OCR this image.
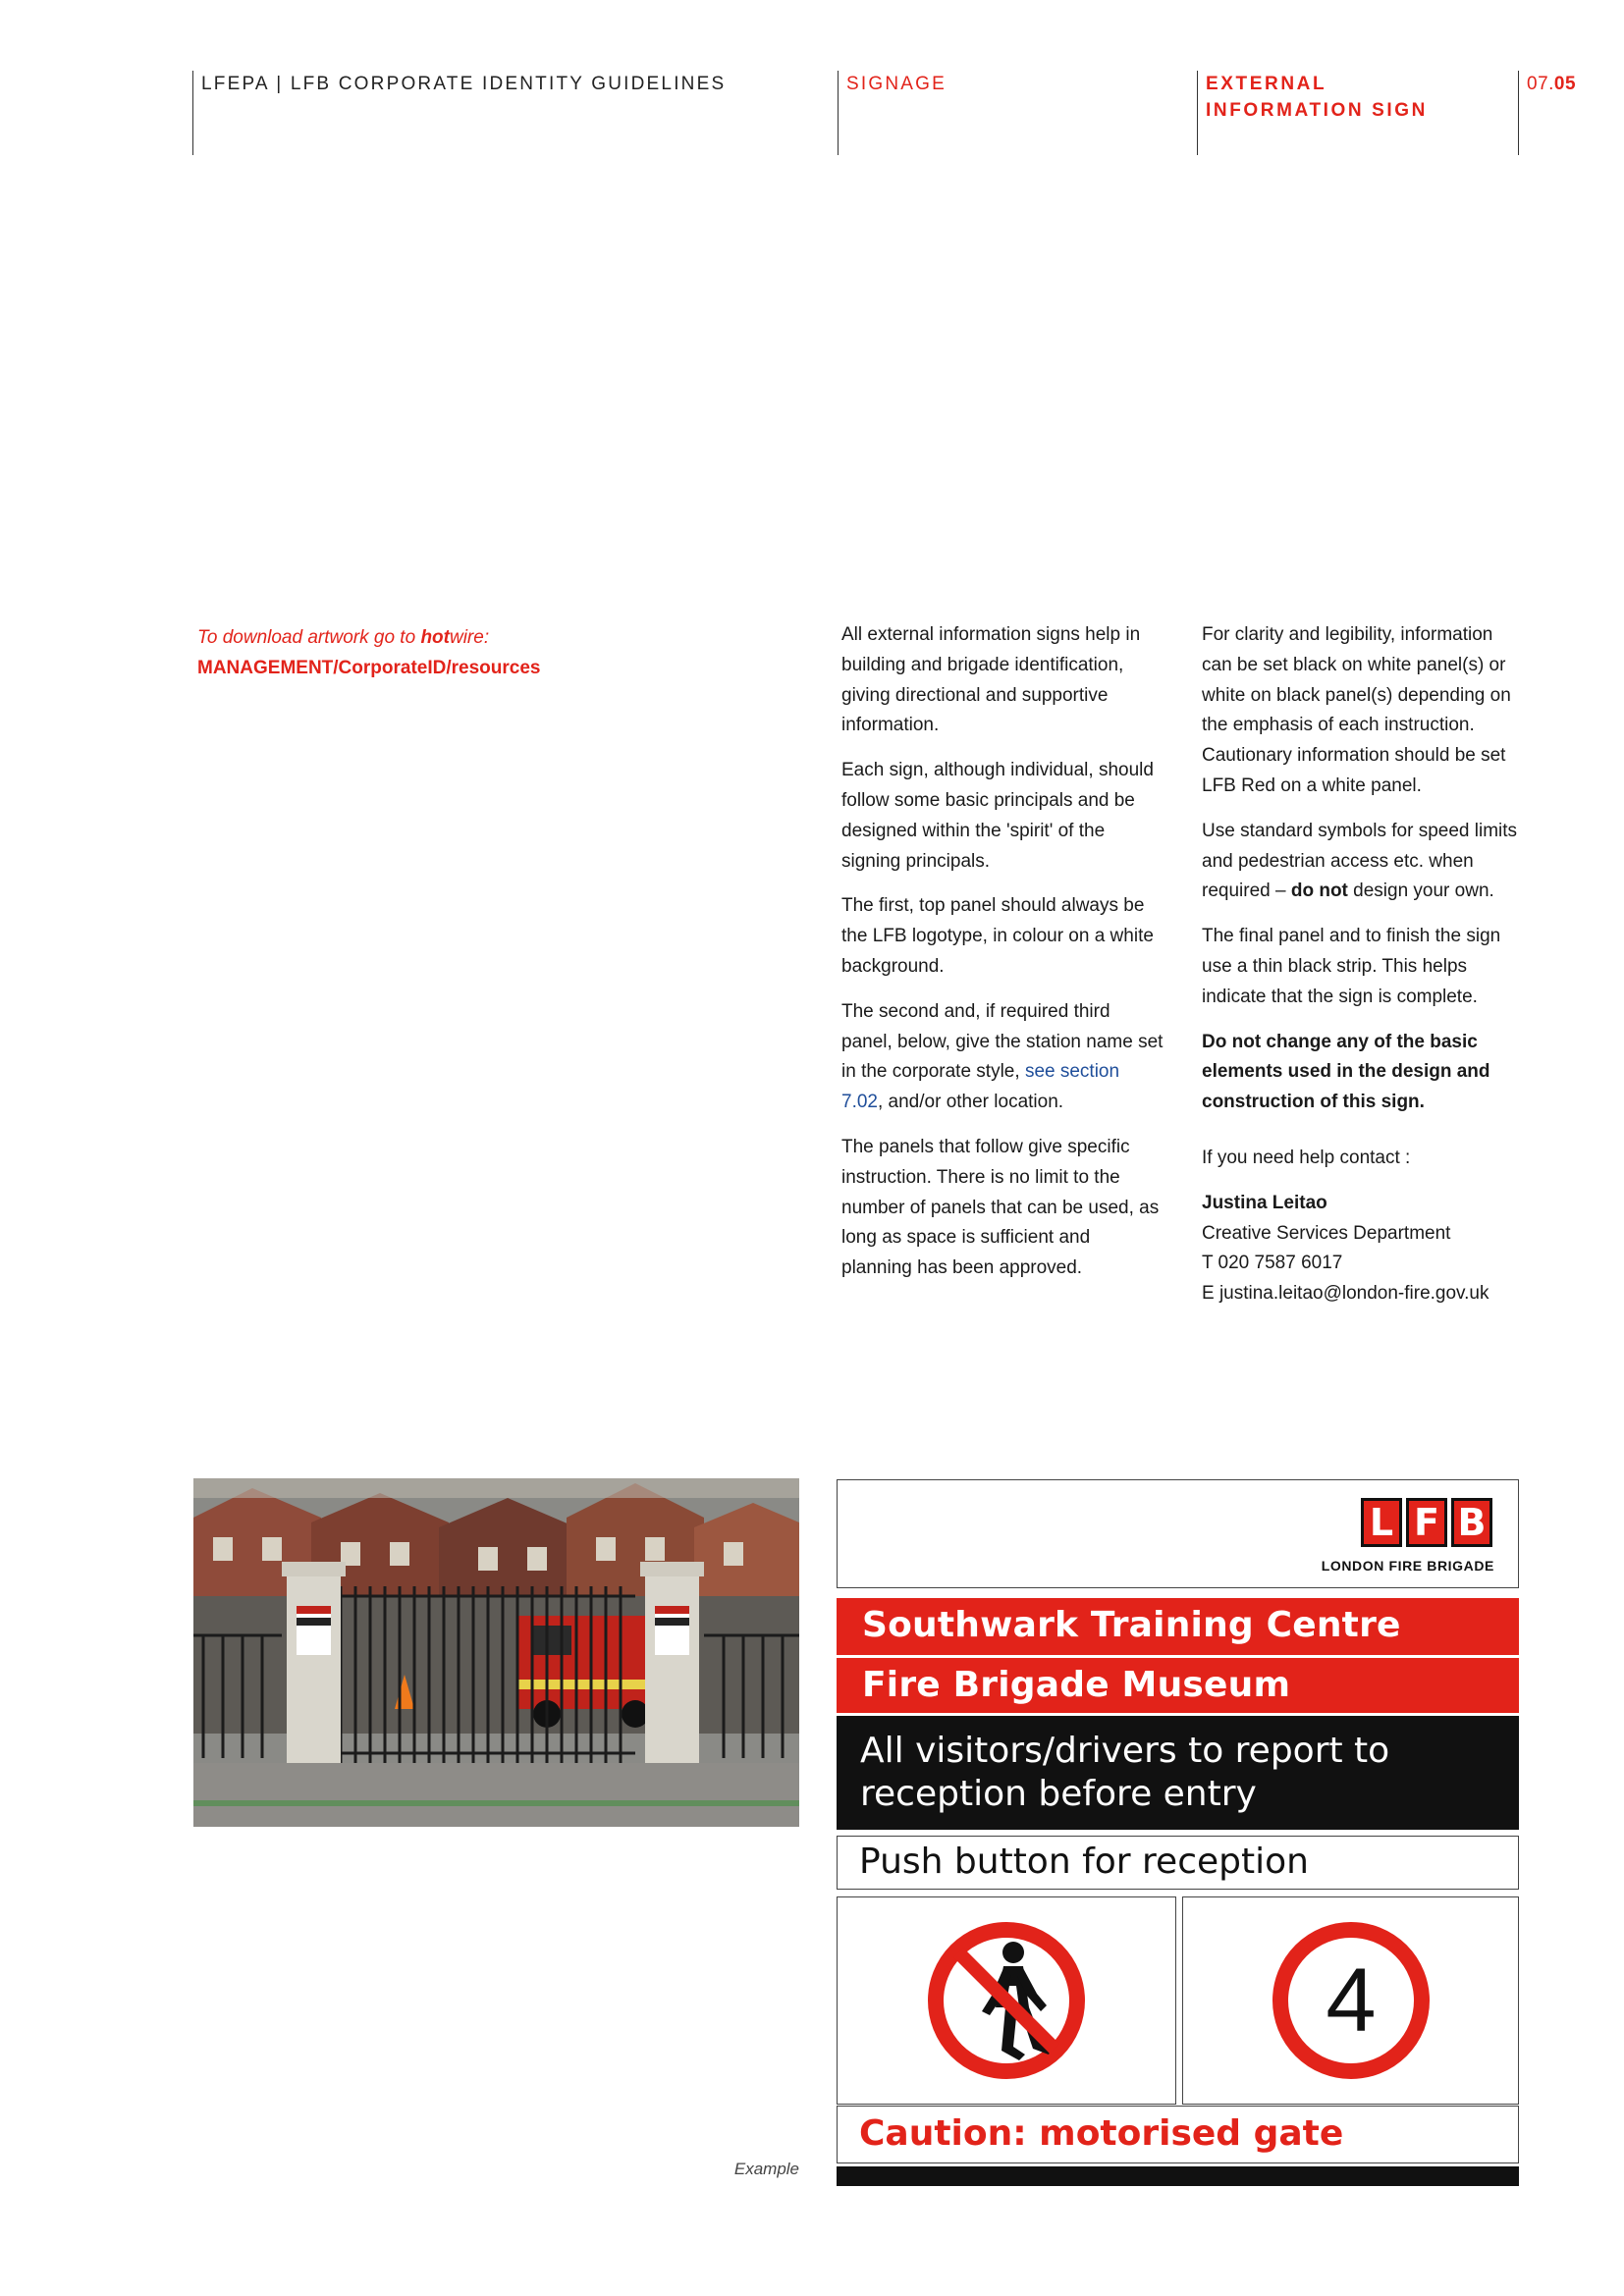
LFEPA | LFB CORPORATE IDENTITY GUIDELINES	SIGNAGE	EXTERNAL
INFORMATION SIGN
07.05
To download artwork go to hotwire:
MANAGEMENT/CorporateID/resources

All external information signs help in building and brigade identification, giving directional and supportive information.

Each sign, although individual, should follow some basic principals and be designed within the 'spirit' of the signing principals.

The first, top panel should always be the LFB logotype, in colour on a white background.

The second and, if required third panel, below, give the station name set in the corporate style, see section 7.02, and/or other location.

The panels that follow give specific instruction. There is no limit to the number of panels that can be used, as long as space is sufficient and planning has been approved.

For clarity and legibility, information can be set black on white panel(s) or white on black panel(s) depending on the emphasis of each instruction. Cautionary information should be set LFB Red on a white panel.

Use standard symbols for speed limits and pedestrian access etc. when required – do not design your own.

The final panel and to finish the sign use a thin black strip. This helps indicate that the sign is complete.

Do not change any of the basic elements used in the design and construction of this sign.

If you need help contact :

Justina Leitao
Creative Services Department
T 020 7587 6017
E justina.leitao@london-fire.gov.uk
Example
L F B
LONDON FIRE BRIGADE
Southwark Training Centre
Fire Brigade Museum
All visitors/drivers to report to
reception before entry
Push button for reception
4
Caution: motorised gate
